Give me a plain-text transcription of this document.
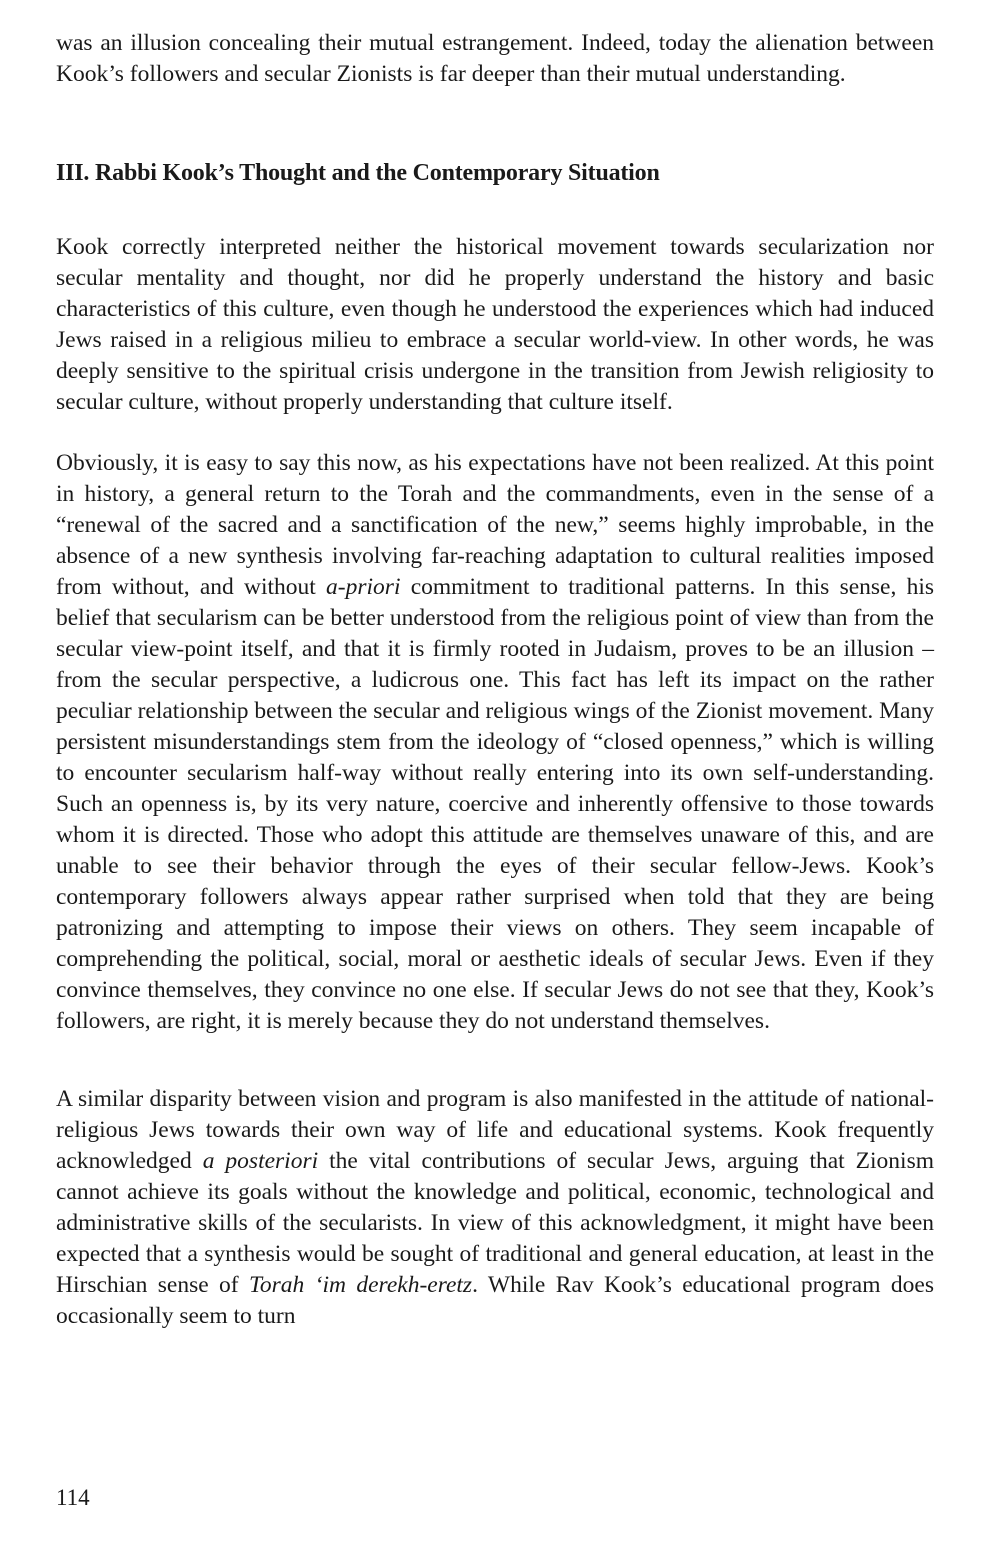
was an illusion concealing their mutual estrangement. Indeed, today the alienation between Kook’s followers and secular Zionists is far deeper than their mutual understanding.

III. Rabbi Kook’s Thought and the Contemporary Situation

Kook correctly interpreted neither the historical movement towards secularization nor secular mentality and thought, nor did he properly understand the history and basic characteristics of this culture, even though he understood the experiences which had induced Jews raised in a religious milieu to embrace a secular world-view. In other words, he was deeply sensitive to the spiritual crisis undergone in the transition from Jewish religiosity to secular culture, without properly understanding that culture itself.

Obviously, it is easy to say this now, as his expectations have not been realized. At this point in history, a general return to the Torah and the commandments, even in the sense of a “renewal of the sacred and a sanctification of the new,” seems highly improbable, in the absence of a new synthesis involving far-reaching adaptation to cultural realities imposed from without, and without a-priori commitment to traditional patterns. In this sense, his belief that secularism can be better understood from the religious point of view than from the secular view-point itself, and that it is firmly rooted in Judaism, proves to be an illusion – from the secular perspective, a ludicrous one. This fact has left its impact on the rather peculiar relationship between the secular and religious wings of the Zionist movement. Many persistent misunderstandings stem from the ideology of “closed openness,” which is willing to encounter secularism half-way without really entering into its own self-understanding. Such an openness is, by its very nature, coercive and inherently offensive to those towards whom it is directed. Those who adopt this attitude are themselves unaware of this, and are unable to see their behavior through the eyes of their secular fellow-Jews. Kook’s contemporary followers always appear rather surprised when told that they are being patronizing and attempting to impose their views on others. They seem incapable of comprehending the political, social, moral or aesthetic ideals of secular Jews. Even if they convince themselves, they convince no one else. If secular Jews do not see that they, Kook’s followers, are right, it is merely because they do not understand themselves.

A similar disparity between vision and program is also manifested in the attitude of national-religious Jews towards their own way of life and educational systems. Kook frequently acknowledged a posteriori the vital contributions of secular Jews, arguing that Zionism cannot achieve its goals without the knowledge and political, economic, technological and administrative skills of the secularists. In view of this acknowledgment, it might have been expected that a synthesis would be sought of traditional and general education, at least in the Hirschian sense of Torah ‘im derekh-eretz. While Rav Kook’s educational program does occasionally seem to turn

114
